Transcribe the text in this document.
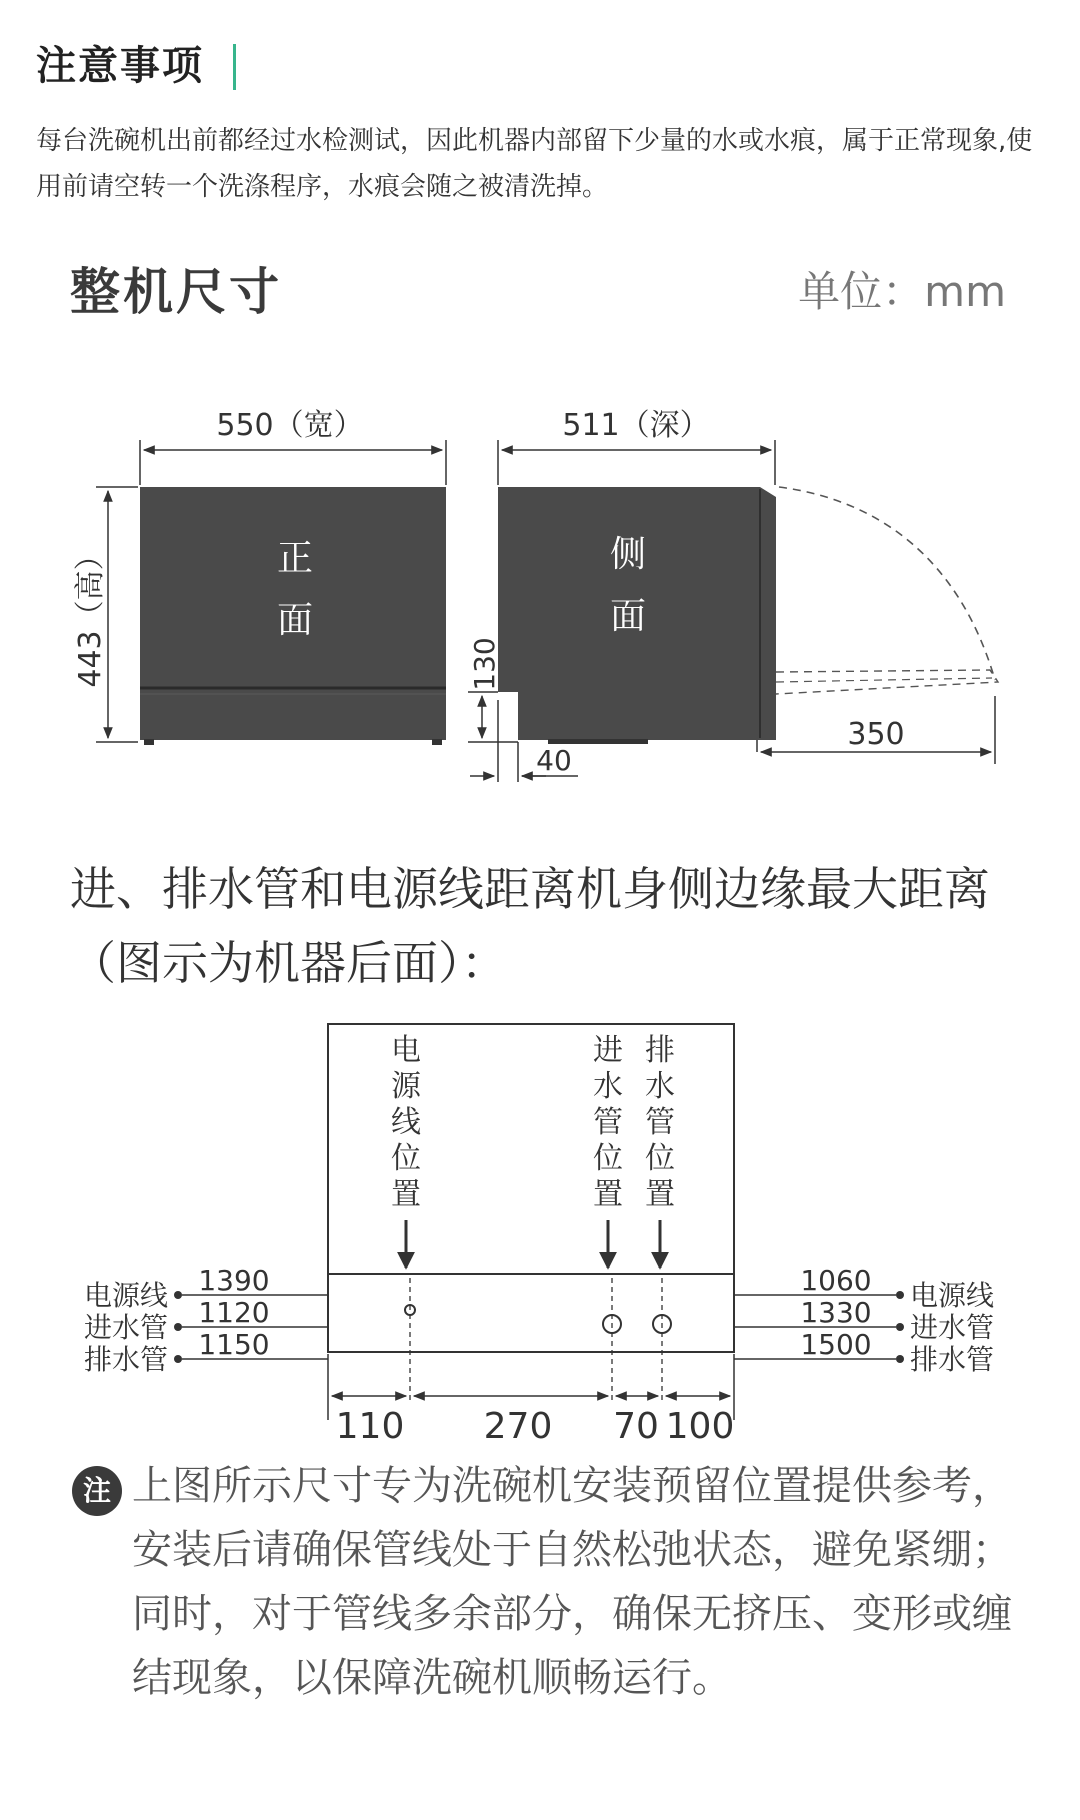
注意事项
每台洗碗机出前都经过水检测试，因此机器内部留下少量的水或水痕，属于正常现象,使用前请空转一个洗涤程序，水痕会随之被清洗掉。
整机尺寸	单位：mm
550（宽）
443（高）	正
面
511（深）
侧
面
130
40
350
电
源
线
位
置
进
水
管
位
置
排
水
管
位
置
电源线
进水管
排水管
1390
1120
1150
电源线
进水管
排水管
1060
1330
1500
110 270 70 100
进、排水管和电源线距离机身侧边缘最大距离（图示为机器后面）：
注 上图所示尺寸专为洗碗机安装预留位置提供参考，安装后请确保管线处于自然松弛状态，避免紧绷；同时，对于管线多余部分，确保无挤压、变形或缠结现象，以保障洗碗机顺畅运行。
